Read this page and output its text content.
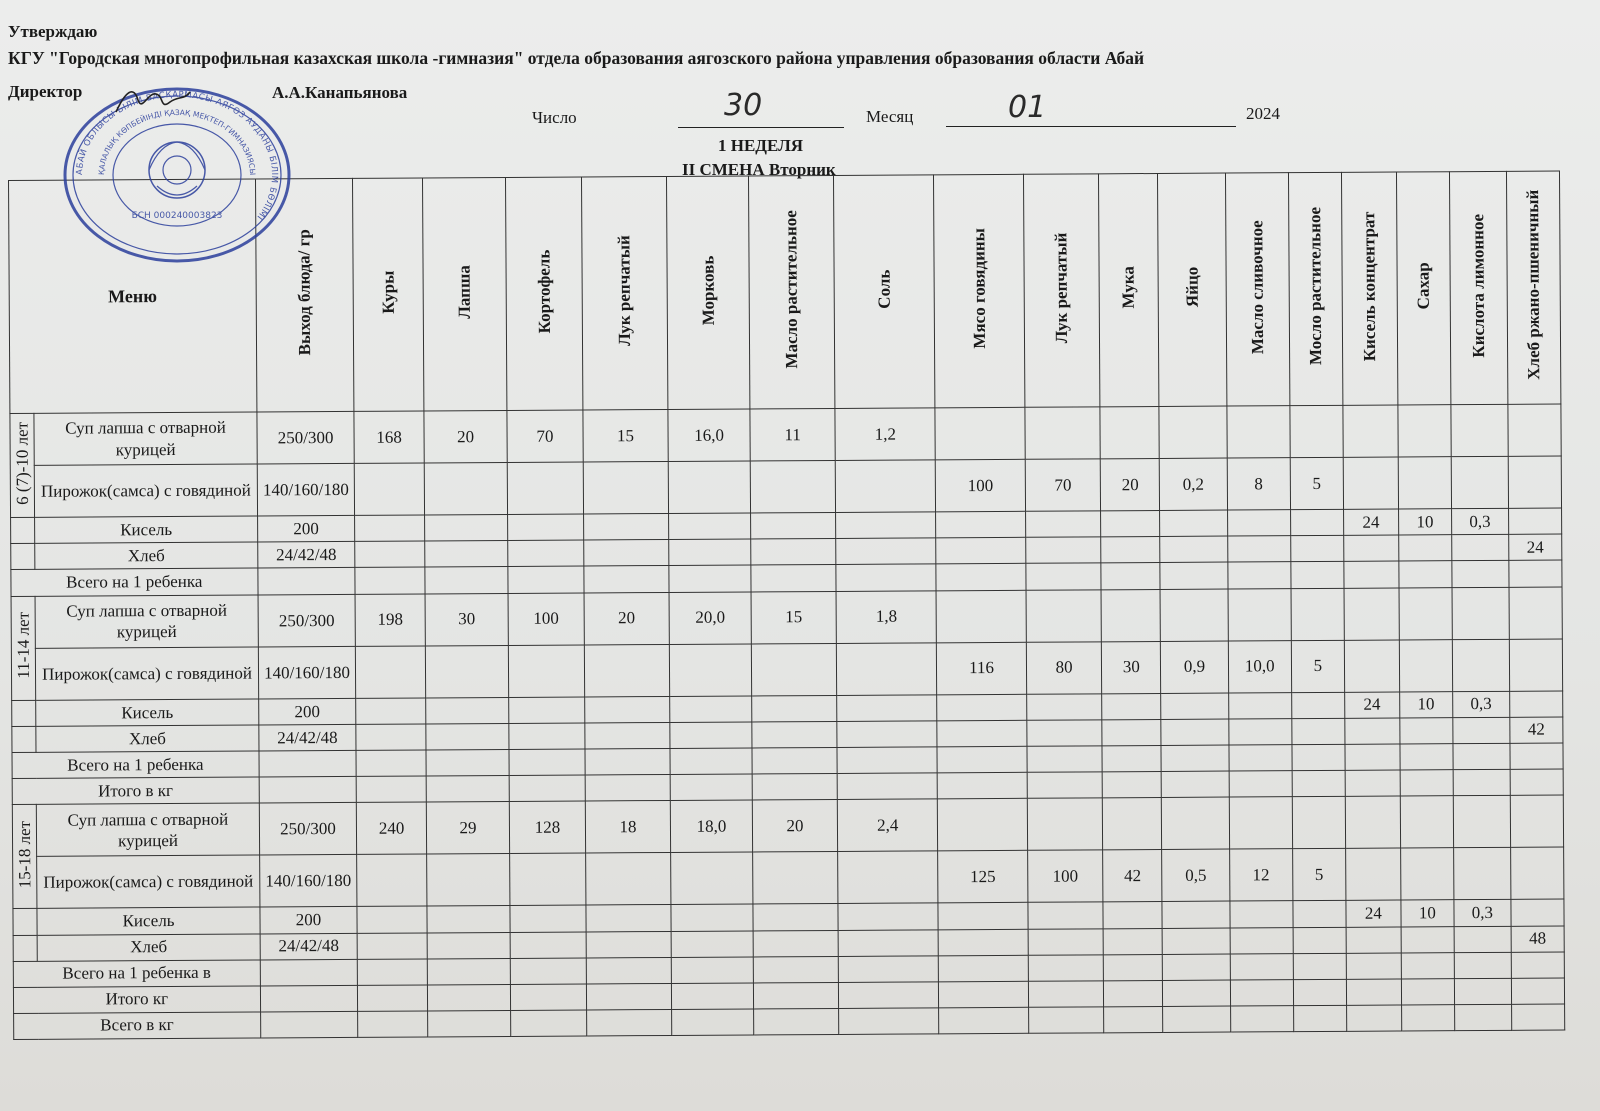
Утверждаю
КГУ "Городская многопрофильная казахская школа -гимназия" отдела образования аягозского района управления образования области Абай
Директор	А.А.Канапьянова
Число	30	Месяц	01	2024
1 НЕДЕЛЯ
II СМЕНА Вторник
Меню		Выход блюда/ гр	Куры	Лапша	Кортофель	Лук репчатый	Морковь	Масло растительное	Соль	Мясо говядины	Лук репчатый	Мука	Яйцо	Масло сливочное	Мосло растительное	Кисель концентрат	Сахар	Кислота лимонное	Хлеб ржано-пшеничный
6 (7)-10 лет	Суп лапша с отварной курицей	250/300	168	20	70	15	16,0	11	1,2										
	Пирожок(самса) с говядиной	140/160/180								100	70	20	0,2	8	5				
	Кисель	200														24	10	0,3	
	Хлеб	24/42/48																	24
Всего на 1 ребенка																			
11-14 лет	Суп лапша с отварной курицей	250/300	198	30	100	20	20,0	15	1,8										
	Пирожок(самса) с говядиной	140/160/180								116	80	30	0,9	10,0	5				
	Кисель	200														24	10	0,3	
	Хлеб	24/42/48																	42
Всего на 1 ребенка																			
Итого в кг																			
15-18 лет	Суп лапша с отварной курицей	250/300	240	29	128	18	18,0	20	2,4										
	Пирожок(самса) с говядиной	140/160/180								125	100	42	0,5	12	5				
	Кисель	200														24	10	0,3	
	Хлеб	24/42/48																	48
Всего на 1 ребенка в																			
Итого кг																			
Всего в кг																			
АБАЙ ОБЛЫСЫ БІЛІМ БАСҚАРМАСЫ АЯГӨЗ АУДАНЫ БІЛІМ БӨЛІМІ
ҚАЛАЛЫҚ КӨПБЕЙІНДІ ҚАЗАҚ МЕКТЕП-ГИМНАЗИЯСЫ
БСН 000240003823
